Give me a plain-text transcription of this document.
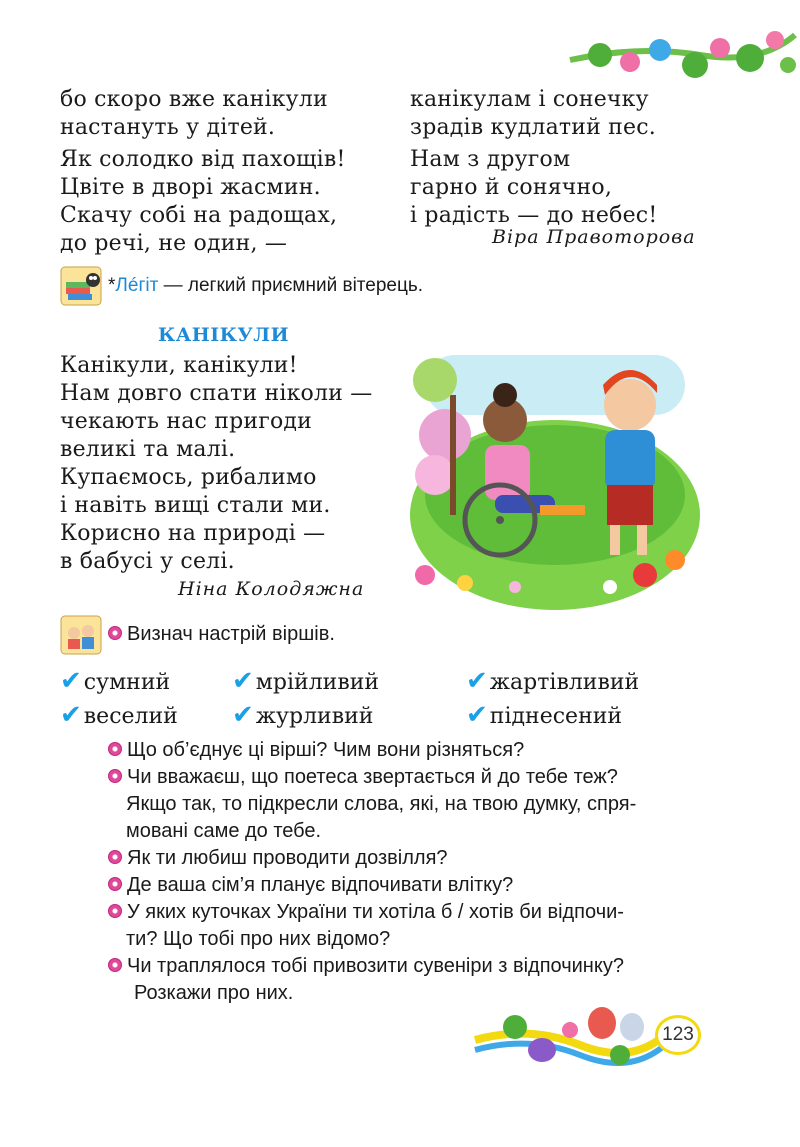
бо скоро вже канікули
настануть у дітей.
Як солодко від пахощів!
Цвіте в дворі жасмин.
Скачу собі на радощах,
до речі, не один, —
канікулам і сонечку
зрадів кудлатий пес.
Нам з другом
гарно й сонячно,
і радість — до небес!
Віра Правоторова
*Лéгіт — легкий приємний вітерець.
КАНІКУЛИ
Канікули, канікули!
Нам довго спати ніколи —
чекають нас пригоди
великі та малі.
Купаємось, рибалимо
і навіть вищі стали ми.
Корисно на природі —
в бабусі у селі.
Ніна Колодяжна
Визнач настрій віршів.
✔сумний ✔мрійливий	✔жартівливий
✔веселий ✔журливий	✔піднесений
Що об’єднує ці вірші? Чим вони різняться?
Чи вважаєш, що поетеса звертається й до тебе теж?
Якщо так, то підкресли слова, які, на твою думку, спря-
мовані саме до тебе.
Як ти любиш проводити дозвілля?
Де ваша сім’я планує відпочивати влітку?
У яких куточках України ти хотіла б / хотів би відпочи-
ти? Що тобі про них відомо?
Чи траплялося тобі привозити сувеніри з відпочинку?
Розкажи про них.
123
